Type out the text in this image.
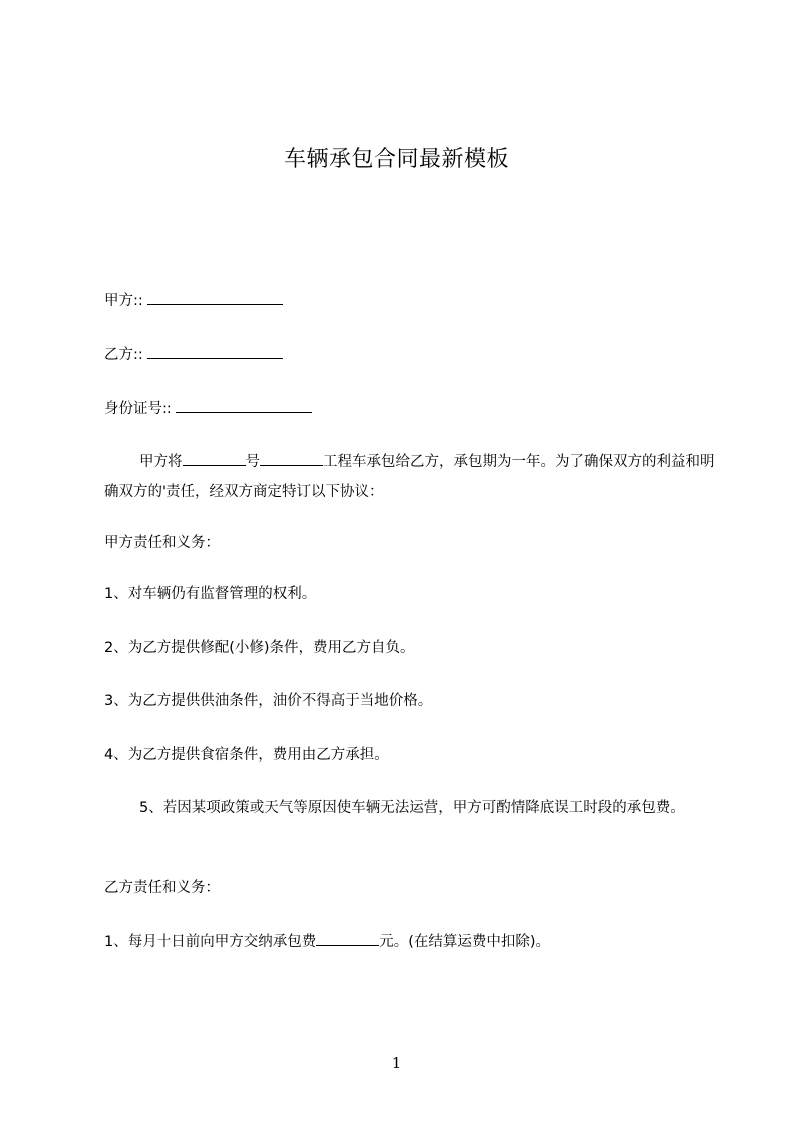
车辆承包合同最新模板
甲方::
乙方::
身份证号::
甲方将	号	工程车承包给乙方，承包期为一年。为了确保双方的利益和明确双方的'责任，经双方商定特订以下协议：
甲方责任和义务：
1、对车辆仍有监督管理的权利。
2、为乙方提供修配(小修)条件，费用乙方自负。
3、为乙方提供供油条件，油价不得高于当地价格。
4、为乙方提供食宿条件，费用由乙方承担。
5、若因某项政策或天气等原因使车辆无法运营，甲方可酌情降底误工时段的承包费。
乙方责任和义务：
1、每月十日前向甲方交纳承包费	元。(在结算运费中扣除)。
1
